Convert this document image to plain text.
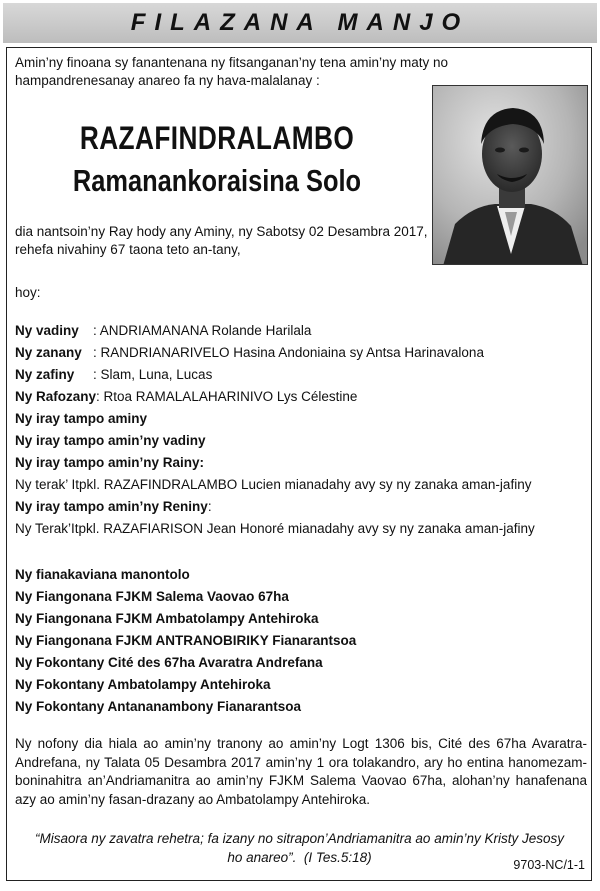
FILAZANA MANJO
Amin’ny finoana sy fanantenana ny fitsanganan’ny tena amin’ny maty no hampandrenesanay anareo fa ny hava-malalanay :
RAZAFINDRALAMBO
Ramanankoraisina Solo
dia nantsoin’ny Ray hody any Aminy, ny Sabotsy 02 Desambra 2017, rehefa nivahiny 67 taona teto an-tany,
hoy:
Ny vadiny : ANDRIAMANANA Rolande Harilala
Ny zanany : RANDRIANARIVELO Hasina Andoniaina sy Antsa Harinavalona
Ny zafiny : Slam, Luna, Lucas
Ny Rafozany: Rtoa RAMALALAHARINIVO Lys Célestine
Ny iray tampo aminy
Ny iray tampo amin’ny vadiny
Ny iray tampo amin’ny Rainy:
Ny terak’ Itpkl. RAZAFINDRALAMBO Lucien mianadahy avy sy ny zanaka aman-jafiny
Ny iray tampo amin’ny Reniny:
Ny Terak’Itpkl. RAZAFIARISON Jean Honoré mianadahy avy sy ny zanaka aman-jafiny
Ny fianakaviana manontolo
Ny Fiangonana FJKM Salema Vaovao 67ha
Ny Fiangonana FJKM Ambatolampy Antehiroka
Ny Fiangonana FJKM ANTRANOBIRIKY Fianarantsoa
Ny Fokontany Cité des 67ha Avaratra Andrefana
Ny Fokontany Ambatolampy Antehiroka
Ny Fokontany Antananambony Fianarantsoa
Ny nofony dia hiala ao amin’ny tranony ao amin’ny Logt 1306 bis, Cité des 67ha Avaratra-Andrefana, ny Talata 05 Desambra 2017 amin’ny 1 ora tolakandro, ary ho entina hanomezam-boninahitra an’Andriamanitra ao amin’ny FJKM Salema Vaovao 67ha, alohan’ny hanafenana azy ao amin’ny fasan-drazany ao Ambatolampy Antehiroka.
“Misaora ny zavatra rehetra; fa izany no sitrapon’Andriamanitra ao amin’ny Kristy Jesosy ho anareo”. (I Tes.5:18)	9703-NC/1-1
